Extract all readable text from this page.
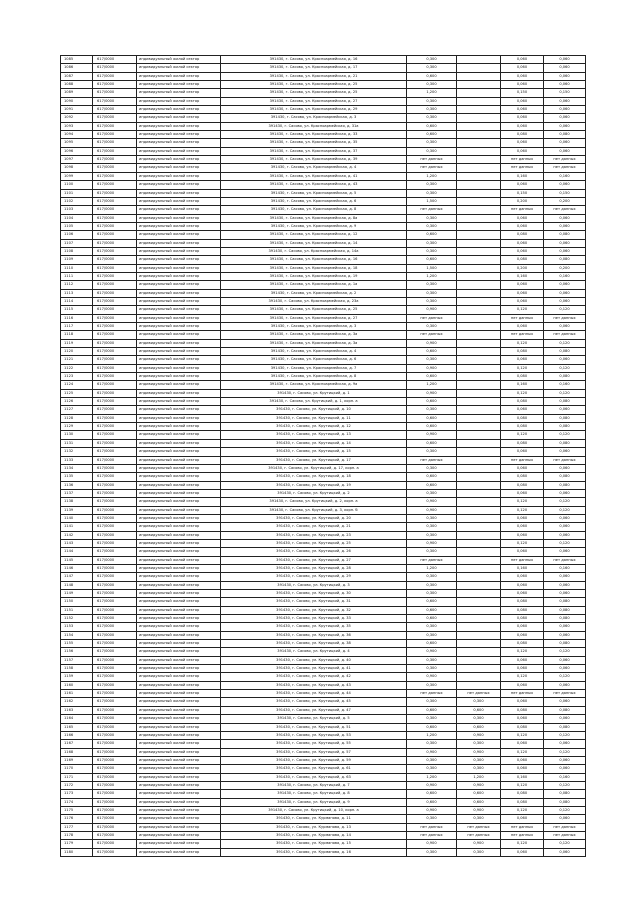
1085	617/0000	индивидуальный жилой сектор	391430, г. Сасово, ул. Красноармейская, д. 16	0,300		0,060	0,060
1086	617/0000	индивидуальный жилой сектор	391430, г. Сасово, ул. Красноармейская, д. 17	0,300		0,060	0,060
1087	617/0000	индивидуальный жилой сектор	391430, г. Сасово, ул. Красноармейская, д. 21	0,600		0,060	0,060
1088	617/0000	индивидуальный жилой сектор	391430, г. Сасово, ул. Красноармейская, д. 25	0,300		0,060	0,060
1089	617/0000	индивидуальный жилой сектор	391430, г. Сасово, ул. Красноармейская, д. 25	1,200		0,150	0,150
1090	617/0000	индивидуальный жилой сектор	391430, г. Сасово, ул. Красноармейская, д. 27	0,300		0,060	0,060
1091	617/0000	индивидуальный жилой сектор	391430, г. Сасово, ул. Красноармейская, д. 29	0,300		0,060	0,060
1092	617/0000	индивидуальный жилой сектор	391430, г. Сасово, ул. Красноармейская, д. 3	0,300		0,060	0,060
1093	617/0000	индивидуальный жилой сектор	391430, г. Сасово, ул. Красноармейская, д. 31а	0,600		0,060	0,060
1094	617/0000	индивидуальный жилой сектор	391430, г. Сасово, ул. Красноармейская, д. 33	0,600		0,080	0,080
1095	617/0000	индивидуальный жилой сектор	391430, г. Сасово, ул. Красноармейская, д. 35	0,300		0,060	0,060
1096	617/0000	индивидуальный жилой сектор	391430, г. Сасово, ул. Красноармейская, д. 37	0,300		0,060	0,060
1097	617/0000	индивидуальный жилой сектор	391430, г. Сасово, ул. Красноармейская, д. 39	нет данных		нет данных	нет данных
1098	617/0000	индивидуальный жилой сектор	391430, г. Сасово, ул. Красноармейская, д. 4	нет данных		нет данных	нет данных
1099	617/0000	индивидуальный жилой сектор	391430, г. Сасово, ул. Красноармейская, д. 41	1,200		0,160	0,160
1100	617/0000	индивидуальный жилой сектор	391430, г. Сасово, ул. Красноармейская, д. 43	0,300		0,060	0,060
1101	617/0000	индивидуальный жилой сектор	391430, г. Сасово, ул. Красноармейская, д. 5	0,300		0,150	0,150
1102	617/0000	индивидуальный жилой сектор	391430, г. Сасово, ул. Красноармейская, д. 6	1,500		0,200	0,200
1103	617/0000	индивидуальный жилой сектор	391430, г. Сасово, ул. Красноармейская, д. 8	нет данных		нет данных	нет данных
1104	617/0000	индивидуальный жилой сектор	391430, г. Сасово, ул. Красноармейская, д. 8а	0,300		0,060	0,060
1105	617/0000	индивидуальный жилой сектор	391430, г. Сасово, ул. Красноармейская, д. 9	0,300		0,060	0,060
1106	617/0000	индивидуальный жилой сектор	391430, г. Сасово, ул. Красноармейская, д. 12	0,600		0,080	0,080
1107	617/0000	индивидуальный жилой сектор	391430, г. Сасово, ул. Красноармейская, д. 14	0,300		0,060	0,060
1108	617/0000	индивидуальный жилой сектор	391430, г. Сасово, ул. Красноармейская, д. 14а	0,300		0,060	0,060
1109	617/0000	индивидуальный жилой сектор	391430, г. Сасово, ул. Красноармейская, д. 16	0,600		0,080	0,080
1110	617/0000	индивидуальный жилой сектор	391430, г. Сасово, ул. Красноармейская, д. 18	1,500		0,200	0,200
1111	617/0000	индивидуальный жилой сектор	391430, г. Сасово, ул. Красноармейская, д. 19	1,200		0,160	0,160
1112	617/0000	индивидуальный жилой сектор	391430, г. Сасово, ул. Красноармейская, д. 1а	0,300		0,060	0,060
1113	617/0000	индивидуальный жилой сектор	391430, г. Сасово, ул. Красноармейская, д. 2	0,300		0,060	0,060
1114	617/0000	индивидуальный жилой сектор	391430, г. Сасово, ул. Красноармейская, д. 23а	0,300		0,060	0,060
1115	617/0000	индивидуальный жилой сектор	391430, г. Сасово, ул. Красноармейская, д. 25	0,900		0,120	0,120
1116	617/0000	индивидуальный жилой сектор	391430, г. Сасово, ул. Красноармейская, д. 27	нет данных		нет данных	нет данных
1117	617/0000	индивидуальный жилой сектор	391430, г. Сасово, ул. Красноармейская, д. 3	0,300		0,060	0,060
1118	617/0000	индивидуальный жилой сектор	391430, г. Сасово, ул. Красноармейская, д. 3а	нет данных		нет данных	нет данных
1119	617/0000	индивидуальный жилой сектор	391430, г. Сасово, ул. Красноармейская, д. 3а	0,900		0,120	0,120
1120	617/0000	индивидуальный жилой сектор	391430, г. Сасово, ул. Красноармейская, д. 4	0,600		0,080	0,080
1121	617/0000	индивидуальный жилой сектор	391430, г. Сасово, ул. Красноармейская, д. 6	0,300		0,060	0,060
1122	617/0000	индивидуальный жилой сектор	391430, г. Сасово, ул. Красноармейская, д. 7	0,900		0,120	0,120
1123	617/0000	индивидуальный жилой сектор	391430, г. Сасово, ул. Красноармейская, д. 8	0,600		0,080	0,080
1124	617/0000	индивидуальный жилой сектор	391430, г. Сасово, ул. Красноармейская, д. 9а	1,200		0,160	0,160
1125	617/0000	индивидуальный жилой сектор	391430, г. Сасово, ул. Крутицкий, д. 1	0,900		0,120	0,120
1126	617/0000	индивидуальный жилой сектор	391430, г. Сасово, ул. Крутицкий, д. 1, корп. а	0,600		0,080	0,080
1127	617/0000	индивидуальный жилой сектор	391430, г. Сасово, ул. Крутицкий, д. 10	0,300		0,060	0,060
1128	617/0000	индивидуальный жилой сектор	391430, г. Сасово, ул. Крутицкий, д. 11	0,600		0,080	0,080
1129	617/0000	индивидуальный жилой сектор	391430, г. Сасово, ул. Крутицкий, д. 12	0,600		0,080	0,080
1130	617/0000	индивидуальный жилой сектор	391430, г. Сасово, ул. Крутицкий, д. 13	0,900		0,120	0,120
1131	617/0000	индивидуальный жилой сектор	391430, г. Сасово, ул. Крутицкий, д. 14	0,600		0,080	0,080
1132	617/0000	индивидуальный жилой сектор	391430, г. Сасово, ул. Крутицкий, д. 15	0,300		0,060	0,060
1133	617/0000	индивидуальный жилой сектор	391430, г. Сасово, ул. Крутицкий, д. 17	нет данных		нет данных	нет данных
1134	617/0000	индивидуальный жилой сектор	391430, г. Сасово, ул. Крутицкий, д. 17, корп. а	0,300		0,060	0,060
1135	617/0000	индивидуальный жилой сектор	391430, г. Сасово, ул. Крутицкий, д. 18	0,600		0,080	0,080
1136	617/0000	индивидуальный жилой сектор	391430, г. Сасово, ул. Крутицкий, д. 19	0,600		0,080	0,080
1137	617/0000	индивидуальный жилой сектор	391430, г. Сасово, ул. Крутицкий, д. 2	0,300		0,060	0,060
1138	617/0000	индивидуальный жилой сектор	391430, г. Сасово, ул. Крутицкий, д. 2, корп. а	0,900		0,120	0,120
1139	617/0000	индивидуальный жилой сектор	391430, г. Сасово, ул. Крутицкий, д. 3, корп. б	0,900		0,120	0,120
1140	617/0000	индивидуальный жилой сектор	391430, г. Сасово, ул. Крутицкий, д. 20	0,300		0,060	0,060
1141	617/0000	индивидуальный жилой сектор	391430, г. Сасово, ул. Крутицкий, д. 21	0,300		0,060	0,060
1142	617/0000	индивидуальный жилой сектор	391430, г. Сасово, ул. Крутицкий, д. 23	0,300		0,060	0,060
1143	617/0000	индивидуальный жилой сектор	391430, г. Сасово, ул. Крутицкий, д. 25	0,900		0,120	0,120
1144	617/0000	индивидуальный жилой сектор	391430, г. Сасово, ул. Крутицкий, д. 26	0,300		0,060	0,060
1145	617/0000	индивидуальный жилой сектор	391430, г. Сасово, ул. Крутицкий, д. 27	нет данных		нет данных	нет данных
1146	617/0000	индивидуальный жилой сектор	391430, г. Сасово, ул. Крутицкий, д. 28	1,200		0,160	0,160
1147	617/0000	индивидуальный жилой сектор	391430, г. Сасово, ул. Крутицкий, д. 29	0,300		0,060	0,060
1148	617/0000	индивидуальный жилой сектор	391430, г. Сасово, ул. Крутицкий, д. 3	0,300		0,060	0,060
1149	617/0000	индивидуальный жилой сектор	391430, г. Сасово, ул. Крутицкий, д. 30	0,300		0,060	0,060
1150	617/0000	индивидуальный жилой сектор	391430, г. Сасово, ул. Крутицкий, д. 31	0,600		0,080	0,080
1151	617/0000	индивидуальный жилой сектор	391430, г. Сасово, ул. Крутицкий, д. 32	0,600		0,080	0,080
1152	617/0000	индивидуальный жилой сектор	391430, г. Сасово, ул. Крутицкий, д. 33	0,600		0,080	0,080
1153	617/0000	индивидуальный жилой сектор	391430, г. Сасово, ул. Крутицкий, д. 35	0,300		0,060	0,060
1154	617/0000	индивидуальный жилой сектор	391430, г. Сасово, ул. Крутицкий, д. 36	0,300		0,060	0,060
1155	617/0000	индивидуальный жилой сектор	391430, г. Сасово, ул. Крутицкий, д. 38	0,600		0,080	0,080
1156	617/0000	индивидуальный жилой сектор	391430, г. Сасово, ул. Крутицкий, д. 4	0,900		0,120	0,120
1157	617/0000	индивидуальный жилой сектор	391430, г. Сасово, ул. Крутицкий, д. 40	0,300		0,060	0,060
1158	617/0000	индивидуальный жилой сектор	391430, г. Сасово, ул. Крутицкий, д. 41	0,300		0,060	0,060
1159	617/0000	индивидуальный жилой сектор	391430, г. Сасово, ул. Крутицкий, д. 42	0,900		0,120	0,120
1160	617/0000	индивидуальный жилой сектор	391430, г. Сасово, ул. Крутицкий, д. 43	0,300		0,060	0,060
1161	617/0000	индивидуальный жилой сектор	391430, г. Сасово, ул. Крутицкий, д. 44	нет данных	нет данных	нет данных	нет данных
1162	617/0000	индивидуальный жилой сектор	391430, г. Сасово, ул. Крутицкий, д. 45	0,300	0,300	0,060	0,060
1163	617/0000	индивидуальный жилой сектор	391430, г. Сасово, ул. Крутицкий, д. 47	0,600	0,600	0,080	0,080
1164	617/0000	индивидуальный жилой сектор	391430, г. Сасово, ул. Крутицкий, д. 5	0,300	0,300	0,060	0,060
1165	617/0000	индивидуальный жилой сектор	391430, г. Сасово, ул. Крутицкий, д. 51	0,600	0,600	0,080	0,080
1166	617/0000	индивидуальный жилой сектор	391430, г. Сасово, ул. Крутицкий, д. 53	1,200	0,900	0,120	0,120
1167	617/0000	индивидуальный жилой сектор	391430, г. Сасово, ул. Крутицкий, д. 55	0,300	0,300	0,060	0,060
1168	617/0000	индивидуальный жилой сектор	391430, г. Сасово, ул. Крутицкий, д. 57	0,900	0,900	0,120	0,120
1169	617/0000	индивидуальный жилой сектор	391430, г. Сасово, ул. Крутицкий, д. 59	0,300	0,300	0,060	0,060
1170	617/0000	индивидуальный жилой сектор	391430, г. Сасово, ул. Крутицкий, д. 61	0,300	0,300	0,060	0,060
1171	617/0000	индивидуальный жилой сектор	391430, г. Сасово, ул. Крутицкий, д. 63	1,200	1,200	0,160	0,160
1172	617/0000	индивидуальный жилой сектор	391430, г. Сасово, ул. Крутицкий, д. 7	0,900	0,900	0,120	0,120
1173	617/0000	индивидуальный жилой сектор	391430, г. Сасово, ул. Крутицкий, д. 8	0,600	0,600	0,080	0,080
1174	617/0000	индивидуальный жилой сектор	391430, г. Сасово, ул. Крутицкий, д. 9	0,600	0,600	0,080	0,080
1175	617/0000	индивидуальный жилой сектор	391430, г. Сасово, ул. Крутицкий, д. 10, корп. а	0,900	0,900	0,120	0,120
1176	617/0000	индивидуальный жилой сектор	391430, г. Сасово, ул. Курманова, д. 11	0,300	0,300	0,060	0,060
1177	617/0000	индивидуальный жилой сектор	391430, г. Сасово, ул. Курманова, д. 13	нет данных	нет данных	нет данных	нет данных
1178	617/0000	индивидуальный жилой сектор	391430, г. Сасово, ул. Курманова, д. 14	нет данных	нет данных	нет данных	нет данных
1179	617/0000	индивидуальный жилой сектор	391430, г. Сасово, ул. Курманова, д. 15	0,900	0,900	0,120	0,120
1180	617/0000	индивидуальный жилой сектор	391430, г. Сасово, ул. Курманова, д. 16	0,300	0,300	0,060	0,060
